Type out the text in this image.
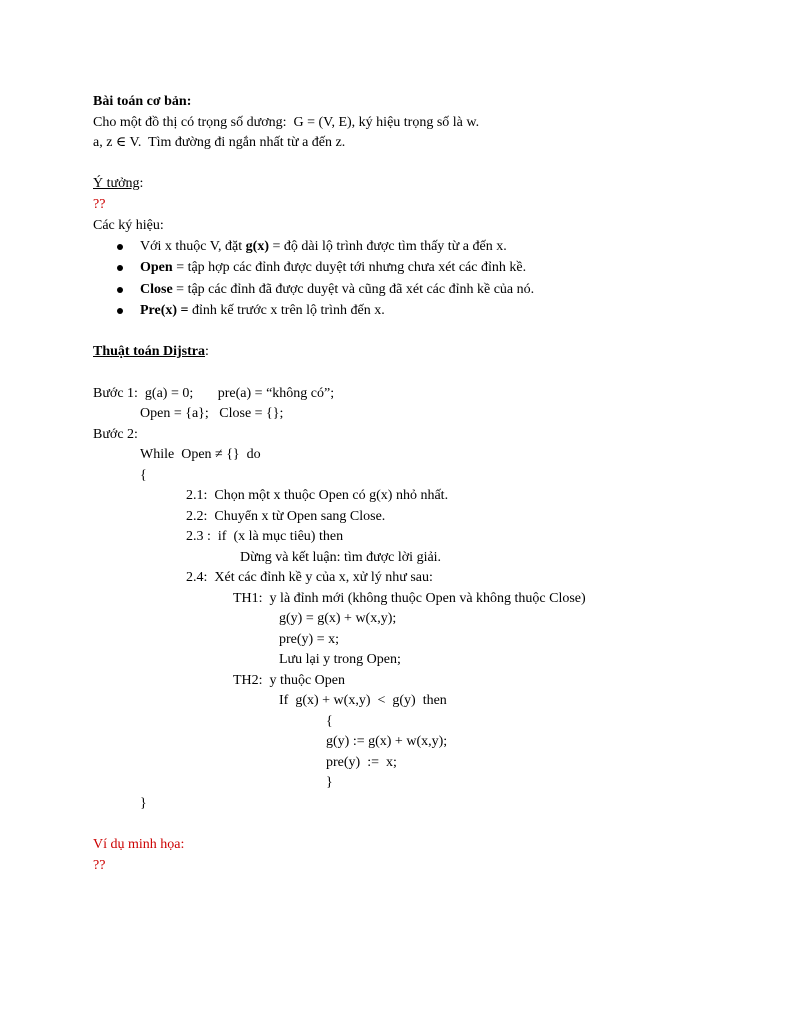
Bài toán cơ bản:
Cho một đồ thị có trọng số dương:  G = (V, E), ký hiệu trọng số là w.
a, z ∈ V.  Tìm đường đi ngắn nhất từ a đến z.
Ý tưởng:
??
Các ký hiệu:
Với x thuộc V, đặt g(x) = độ dài lộ trình được tìm thấy từ a đến x.
Open = tập hợp các đỉnh được duyệt tới nhưng chưa xét các đỉnh kề.
Close = tập các đỉnh đã được duyệt và cũng đã xét các đỉnh kề của nó.
Pre(x) = đỉnh kế trước x trên lộ trình đến x.
Thuật toán Dijstra:
Bước 1:  g(a) = 0;       pre(a) = “không có”;
Open = {a};   Close = {};
Bước 2:
While  Open ≠ {}  do
{
2.1:  Chọn một x thuộc Open có g(x) nhỏ nhất.
2.2:  Chuyển x từ Open sang Close.
2.3 :  if  (x là mục tiêu) then
Dừng và kết luận: tìm được lời giải.
2.4:  Xét các đỉnh kề y của x, xử lý như sau:
TH1:  y là đỉnh mới (không thuộc Open và không thuộc Close)
g(y) = g(x) + w(x,y);
pre(y) = x;
Lưu lại y trong Open;
TH2:  y thuộc Open
If  g(x) + w(x,y)  <  g(y)  then
{
g(y) := g(x) + w(x,y);
pre(y)  :=  x;
}
}
Ví dụ minh họa:
??
